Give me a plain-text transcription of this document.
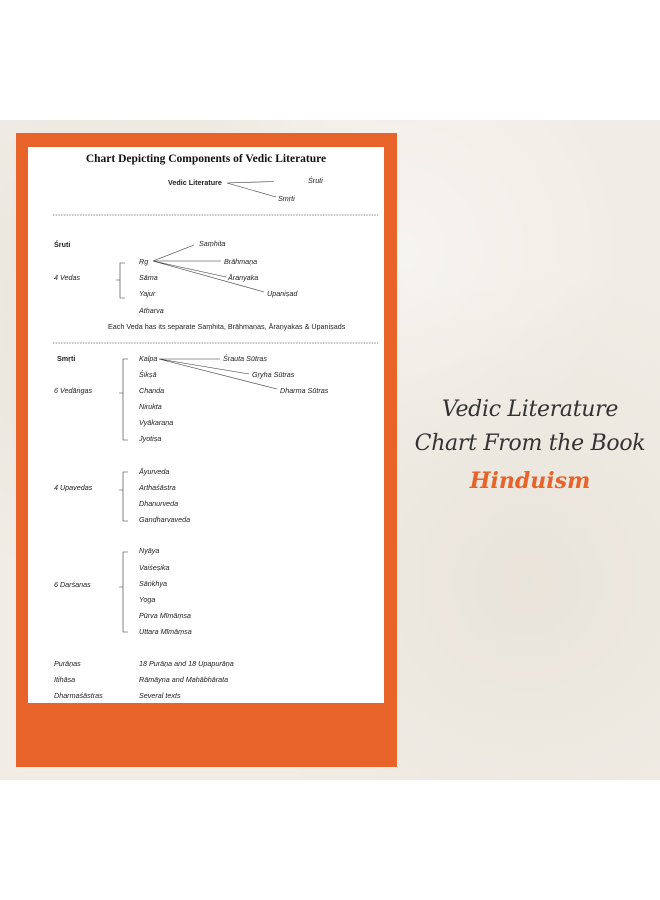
Chart Depicting Components of Vedic Literature
Vedic Literature	Śruti
Smṛti
Śruti
4 Vedas
Ṛg
Sāma
Yajur
Atharva
Saṃhita
Brāhmaṇa
Āranyaka
Upaniṣad
Each Veda has its separate Saṃhita, Brāhmaṇas, Āraṇyakas & Upaniṣads
Smṛti
6 Vedāṅgas
Kalpa
Śikṣā
Chanda
Nirukta
Vyākaraṇa
Jyotiṣa
Śrauta Sūtras
Gṛyha Sūtras
Dharma Sūtras
4 Upavedas
Āyurveda
Arthaśāstra
Dhanurveda
Gandharvaveda
6 Darśanas
Nyāya
Vaiśeṣika
Sāṅkhya
Yoga
Pūrva Mīmāṃsa
Uttara Mīmāṃsa
Purāṇas	18 Purāṇa and 18 Upapurāṇa
Itihāsa	Rāmāyna and Mahābhārata
Dharmaśāstras	Several texts
Vedic Literature
Chart From the Book
Hinduism
